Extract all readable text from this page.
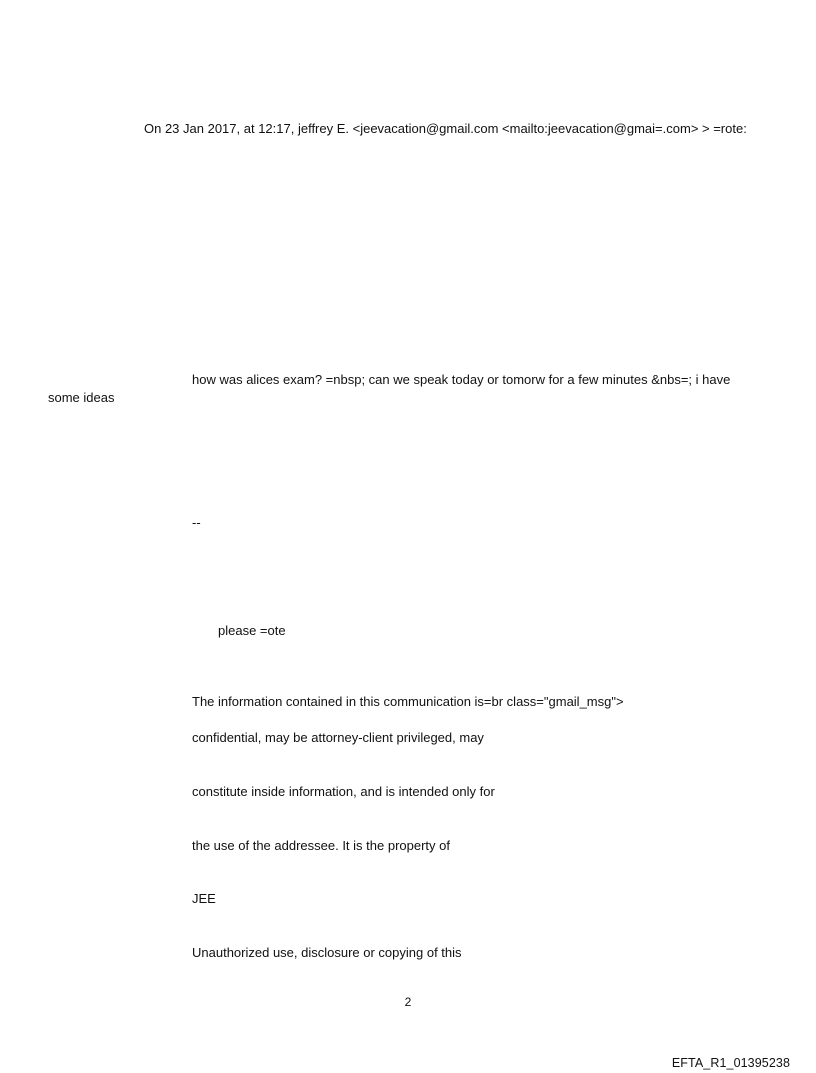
On 23 Jan 2017, at 12:17, jeffrey E. <jeevacation@gmail.com <mailto:jeevacation@gmai=.com> > =rote:
how was alices exam? =nbsp; can we speak today or tomorw for a few minutes &nbs=; i have
some ideas
--
please =ote
The information contained in this communication is=br class="gmail_msg">
confidential, may be attorney-client privileged, may
constitute inside information, and is intended only for
the use of the addressee. It is the property of
JEE
Unauthorized use, disclosure or copying of this
2
EFTA_R1_01395238
